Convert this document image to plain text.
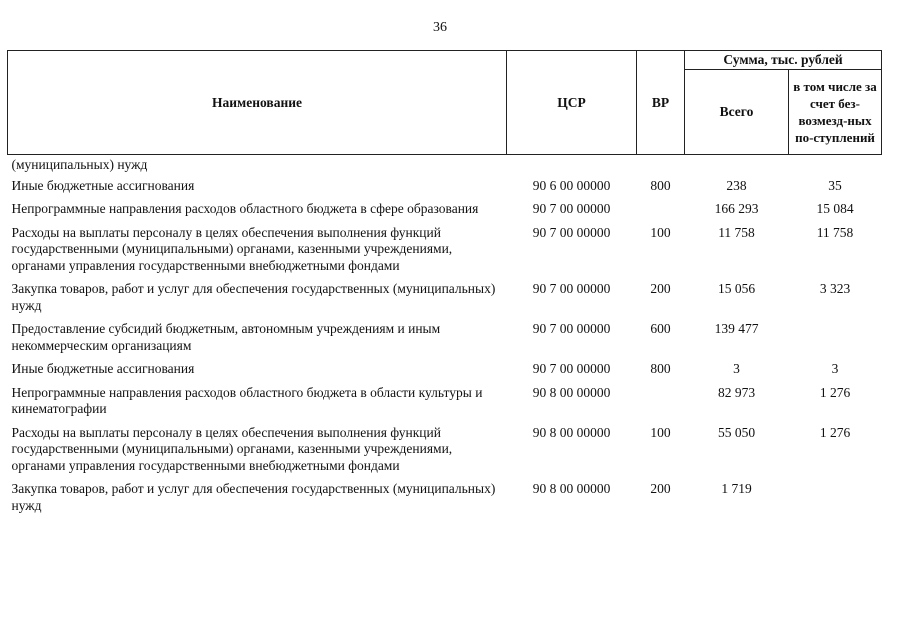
36
Наименование	ЦСР	ВР	Сумма, тыс. рублей	
			Всего	в том числе за счет без-возмезд-ных по-ступлений
(муниципальных) нужд				
Иные бюджетные ассигнования	90 6 00 00000	800	238	35
Непрограммные направления расходов областного бюджета в сфере образования	90 7 00 00000		166 293	15 084
Расходы на выплаты персоналу в целях обеспечения выполнения функций государственными (муниципальными) органами, казенными учреждениями, органами управления государственными внебюджетными фондами	90 7 00 00000	100	11 758	11 758
Закупка товаров, работ и услуг для обеспечения государственных (муниципальных) нужд	90 7 00 00000	200	15 056	3 323
Предоставление субсидий бюджетным, автономным учреждениям и иным некоммерческим организациям	90 7 00 00000	600	139 477	
Иные бюджетные ассигнования	90 7 00 00000	800	3	3
Непрограммные направления расходов областного бюджета в области культуры и кинематографии	90 8 00 00000		82 973	1 276
Расходы на выплаты персоналу в целях обеспечения выполнения функций государственными (муниципальными) органами, казенными учреждениями, органами управления государственными внебюджетными фондами	90 8 00 00000	100	55 050	1 276
Закупка товаров, работ и услуг для обеспечения государственных (муниципальных) нужд	90 8 00 00000	200	1 719	
